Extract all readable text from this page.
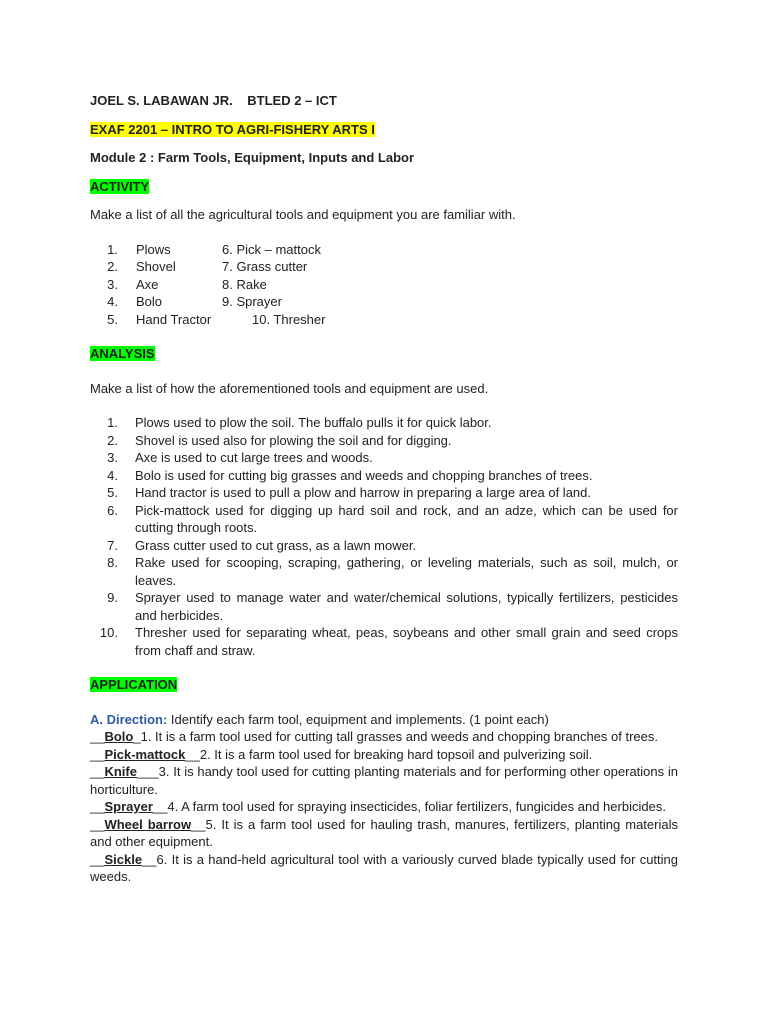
JOEL S. LABAWAN JR. BTLED 2 – ICT
EXAF 2201 – INTRO TO AGRI-FISHERY ARTS I
Module 2 : Farm Tools, Equipment, Inputs and Labor
ACTIVITY
Make a list of all the agricultural tools and equipment you are familiar with.
1.	Plows	6. Pick – mattock
2.	Shovel	7. Grass cutter
3.	Axe	8. Rake
4.	Bolo	9. Sprayer
5.	Hand Tractor	10. Thresher
ANALYSIS
Make a list of how the aforementioned tools and equipment are used.
1.	Plows used to plow the soil. The buffalo pulls it for quick labor.
2.	Shovel is used also for plowing the soil and for digging.
3.	Axe is used to cut large trees and woods.
4.	Bolo is used for cutting big grasses and weeds and chopping branches of trees.
5.	Hand tractor is used to pull a plow and harrow in preparing a large area of land.
6.	Pick-mattock used for digging up hard soil and rock, and an adze, which can be used for cutting through roots.
7.	Grass cutter used to cut grass, as a lawn mower.
8.	Rake used for scooping, scraping, gathering, or leveling materials, such as soil, mulch, or leaves.
9.	Sprayer used to manage water and water/chemical solutions, typically fertilizers, pesticides and herbicides.
10.	Thresher used for separating wheat, peas, soybeans and other small grain and seed crops from chaff and straw.
APPLICATION
A. Direction: Identify each farm tool, equipment and implements. (1 point each)
__Bolo_1. It is a farm tool used for cutting tall grasses and weeds and chopping branches of trees.
__Pick-mattock__2. It is a farm tool used for breaking hard topsoil and pulverizing soil.
__Knife___3. It is handy tool used for cutting planting materials and for performing other operations in horticulture.
__Sprayer__4. A farm tool used for spraying insecticides, foliar fertilizers, fungicides and herbicides.
__Wheel barrow__5. It is a farm tool used for hauling trash, manures, fertilizers, planting materials and other equipment.
__Sickle__6. It is a hand-held agricultural tool with a variously curved blade typically used for cutting weeds.
